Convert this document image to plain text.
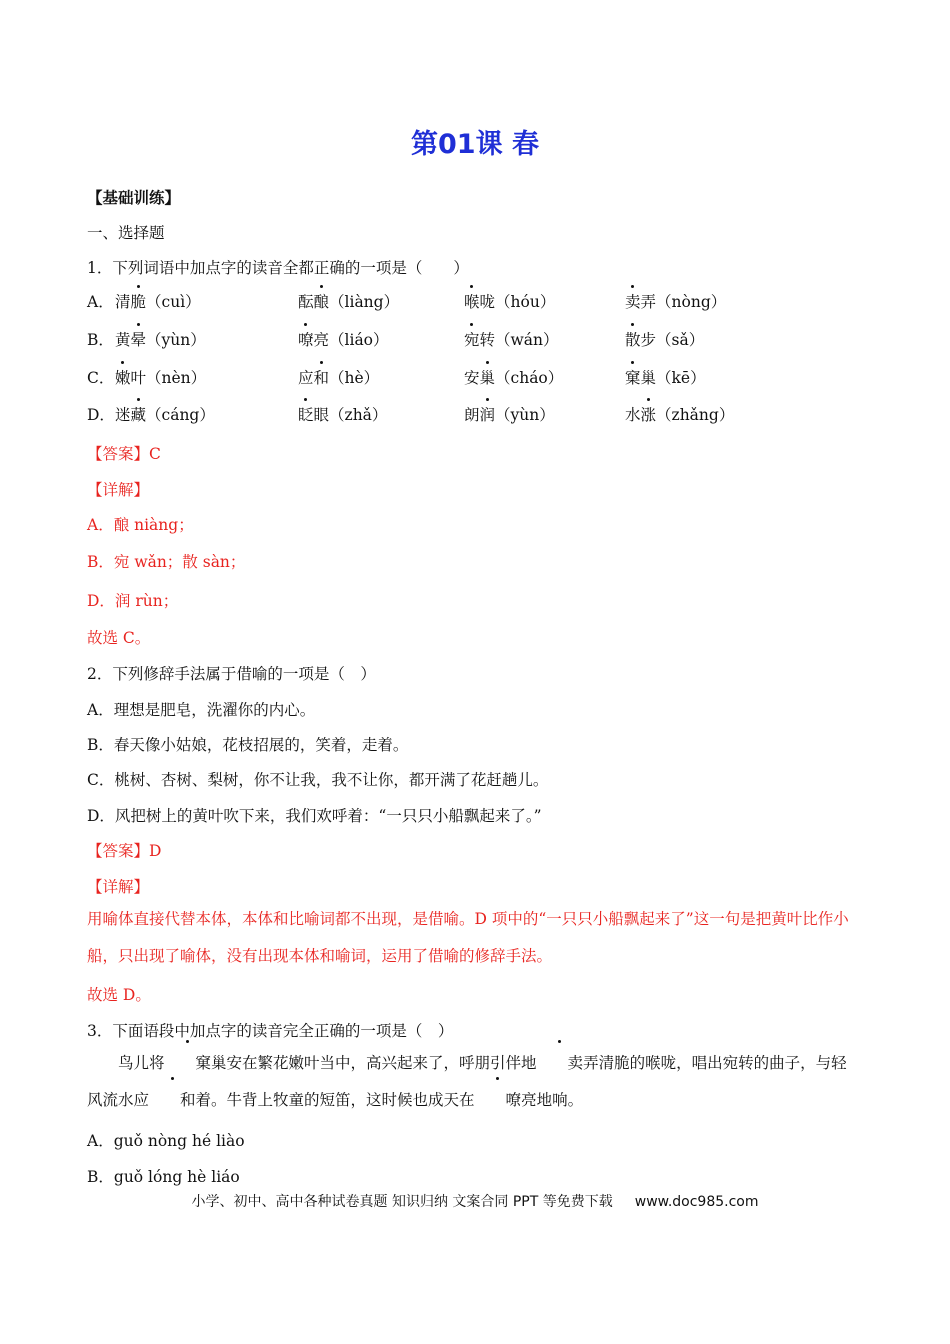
第01课 春
【基础训练】
一、选择题
1．下列词语中加点字的读音全都正确的一项是（　　）
A． 清脆（cuì）	酝酿（liàng）	喉咙（hóu）	卖弄（nòng）
B． 黄晕（yùn）	嘹亮（liáo）	宛转（wán）	散步（sǎ）
C． 嫩叶（nèn）	应和（hè）	安巢（cháo）	窠巢（kē）
D． 迷藏（cáng）	眨眼（zhǎ）	朗润（yùn）	水涨（zhǎng）
【答案】C
【详解】
A．酿 niàng；
B．宛 wǎn；散 sàn；
D．润 rùn；
故选 C。
2．下列修辞手法属于借喻的一项是（　）
A．理想是肥皂，洗濯你的内心。
B．春天像小姑娘，花枝招展的，笑着，走着。
C．桃树、杏树、梨树，你不让我，我不让你，都开满了花赶趟儿。
D．风把树上的黄叶吹下来，我们欢呼着：“一只只小船飘起来了。”
【答案】D
【详解】
用喻体直接代替本体，本体和比喻词都不出现，是借喻。D 项中的“一只只小船飘起来了”这一句是把黄叶比作小船，只出现了喻体，没有出现本体和喻词，运用了借喻的修辞手法。
故选 D。
3．下面语段中加点字的读音完全正确的一项是（　）
鸟儿将 窠巢安在繁花嫩叶当中，高兴起来了，呼朋引伴地 卖弄清脆的喉咙，唱出宛转的曲子，与轻风流水应 和着。牛背上牧童的短笛，这时候也成天在 嘹亮地响。
A．guǒ nòng hé liào
B．guǒ lóng hè liáo
小学、初中、高中各种试卷真题 知识归纳 文案合同 PPT 等免费下载 www.doc985.com
